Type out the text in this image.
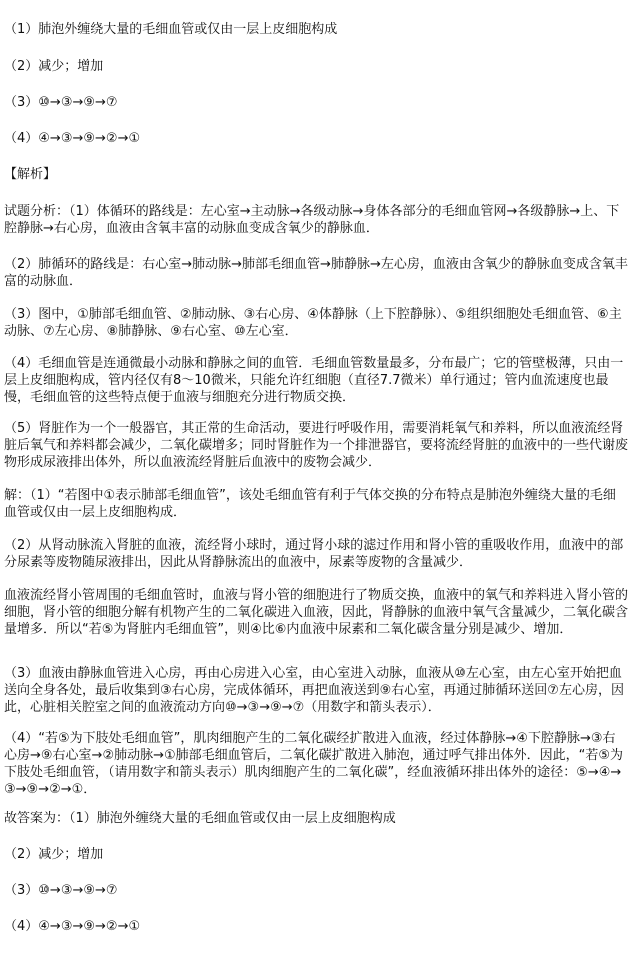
（1）肺泡外缠绕大量的毛细血管或仅由一层上皮细胞构成

（2）减少；增加

（3）⑩→③→⑨→⑦

（4）④→③→⑨→②→①

【解析】

试题分析：（1）体循环的路线是：左心室→主动脉→各级动脉→身体各部分的毛细血管网→各级静脉→上、下腔静脉→右心房，血液由含氧丰富的动脉血变成含氧少的静脉血．

（2）肺循环的路线是：右心室→肺动脉→肺部毛细血管→肺静脉→左心房，血液由含氧少的静脉血变成含氧丰富的动脉血．

（3）图中，①肺部毛细血管、②肺动脉、③右心房、④体静脉（上下腔静脉）、⑤组织细胞处毛细血管、⑥主动脉、⑦左心房、⑧肺静脉、⑨右心室、⑩左心室．

（4）毛细血管是连通微最小动脉和静脉之间的血管．毛细血管数量最多，分布最广；它的管壁极薄，只由一层上皮细胞构成，管内径仅有8～10微米，只能允许红细胞（直径7.7微米）单行通过；管内血流速度也最慢，毛细血管的这些特点便于血液与细胞充分进行物质交换．

（5）肾脏作为一个一般器官，其正常的生命活动，要进行呼吸作用，需要消耗氧气和养料，所以血液流经肾脏后氧气和养料都会减少，二氧化碳增多；同时肾脏作为一个排泄器官，要将流经肾脏的血液中的一些代谢废物形成尿液排出体外，所以血液流经肾脏后血液中的废物会减少．

解：（1）“若图中①表示肺部毛细血管”，该处毛细血管有利于气体交换的分布特点是肺泡外缠绕大量的毛细血管或仅由一层上皮细胞构成．

（2）从肾动脉流入肾脏的血液，流经肾小球时，通过肾小球的滤过作用和肾小管的重吸收作用，血液中的部分尿素等废物随尿液排出，因此从肾静脉流出的血液中，尿素等废物的含量减少．

血液流经肾小管周围的毛细血管时，血液与肾小管的细胞进行了物质交换，血液中的氧气和养料进入肾小管的细胞，肾小管的细胞分解有机物产生的二氧化碳进入血液，因此，肾静脉的血液中氧气含量减少，二氧化碳含量增多．所以“若⑤为肾脏内毛细血管”，则④比⑥内血液中尿素和二氧化碳含量分别是减少、增加．

（3）血液由静脉血管进入心房，再由心房进入心室，由心室进入动脉，血液从⑩左心室，由左心室开始把血送向全身各处，最后收集到③右心房，完成体循环，再把血液送到⑨右心室，再通过肺循环送回⑦左心房，因此，心脏相关腔室之间的血液流动方向⑩→③→⑨→⑦（用数字和箭头表示）．

（4）“若⑤为下肢处毛细血管”，肌肉细胞产生的二氧化碳经扩散进入血液，经过体静脉→④下腔静脉→③右心房→⑨右心室→②肺动脉→①肺部毛细血管后，二氧化碳扩散进入肺泡，通过呼气排出体外．因此，“若⑤为下肢处毛细血管，（请用数字和箭头表示）肌肉细胞产生的二氧化碳”，经血液循环排出体外的途径：⑤→④→③→⑨→②→①．

故答案为：（1）肺泡外缠绕大量的毛细血管或仅由一层上皮细胞构成

（2）减少；增加

（3）⑩→③→⑨→⑦

（4）④→③→⑨→②→①
